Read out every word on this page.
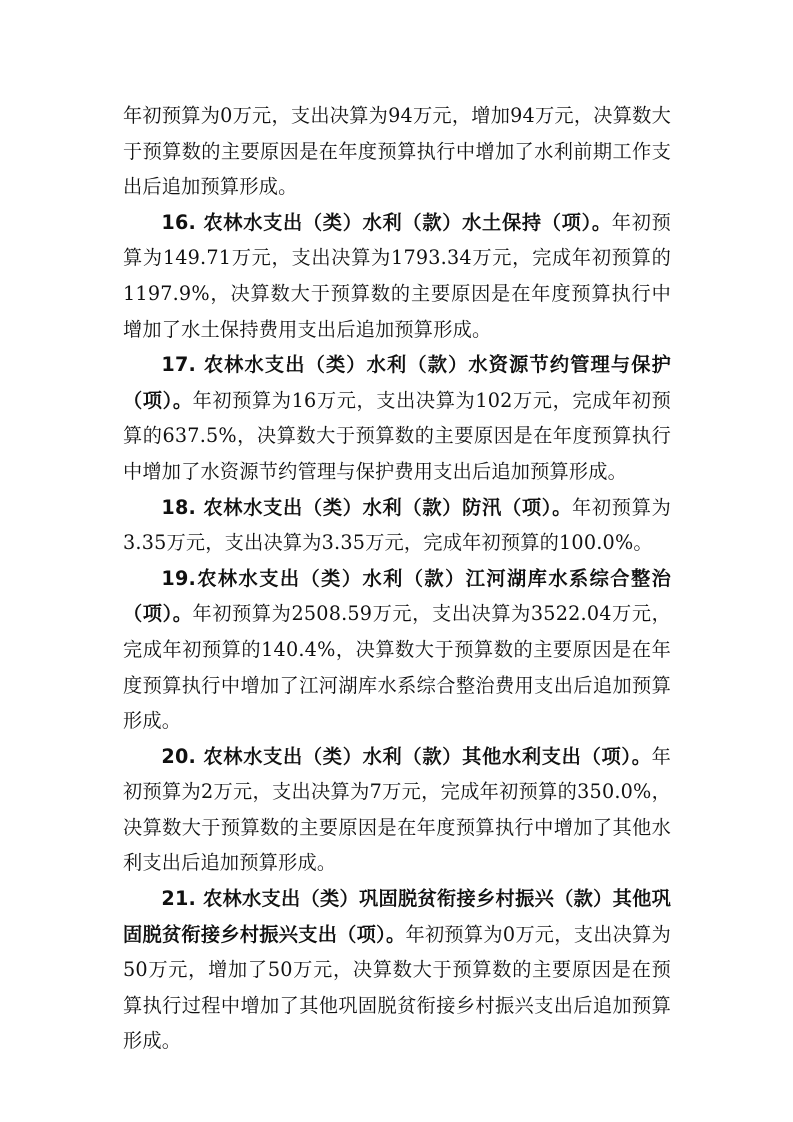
年初预算为0万元，支出决算为94万元，增加94万元，决算数大于预算数的主要原因是在年度预算执行中增加了水利前期工作支出后追加预算形成。

16. 农林水支出（类）水利（款）水土保持（项）。年初预算为149.71万元，支出决算为1793.34万元，完成年初预算的1197.9%，决算数大于预算数的主要原因是在年度预算执行中增加了水土保持费用支出后追加预算形成。

17. 农林水支出（类）水利（款）水资源节约管理与保护（项）。年初预算为16万元，支出决算为102万元，完成年初预算的637.5%，决算数大于预算数的主要原因是在年度预算执行中增加了水资源节约管理与保护费用支出后追加预算形成。

18. 农林水支出（类）水利（款）防汛（项）。年初预算为3.35万元，支出决算为3.35万元，完成年初预算的100.0%。

19.农林水支出（类）水利（款）江河湖库水系综合整治（项）。年初预算为2508.59万元，支出决算为3522.04万元，完成年初预算的140.4%，决算数大于预算数的主要原因是在年度预算执行中增加了江河湖库水系综合整治费用支出后追加预算形成。

20. 农林水支出（类）水利（款）其他水利支出（项）。年初预算为2万元，支出决算为7万元，完成年初预算的350.0%，决算数大于预算数的主要原因是在年度预算执行中增加了其他水利支出后追加预算形成。

21. 农林水支出（类）巩固脱贫衔接乡村振兴（款）其他巩固脱贫衔接乡村振兴支出（项）。年初预算为0万元，支出决算为50万元，增加了50万元，决算数大于预算数的主要原因是在预算执行过程中增加了其他巩固脱贫衔接乡村振兴支出后追加预算形成。
